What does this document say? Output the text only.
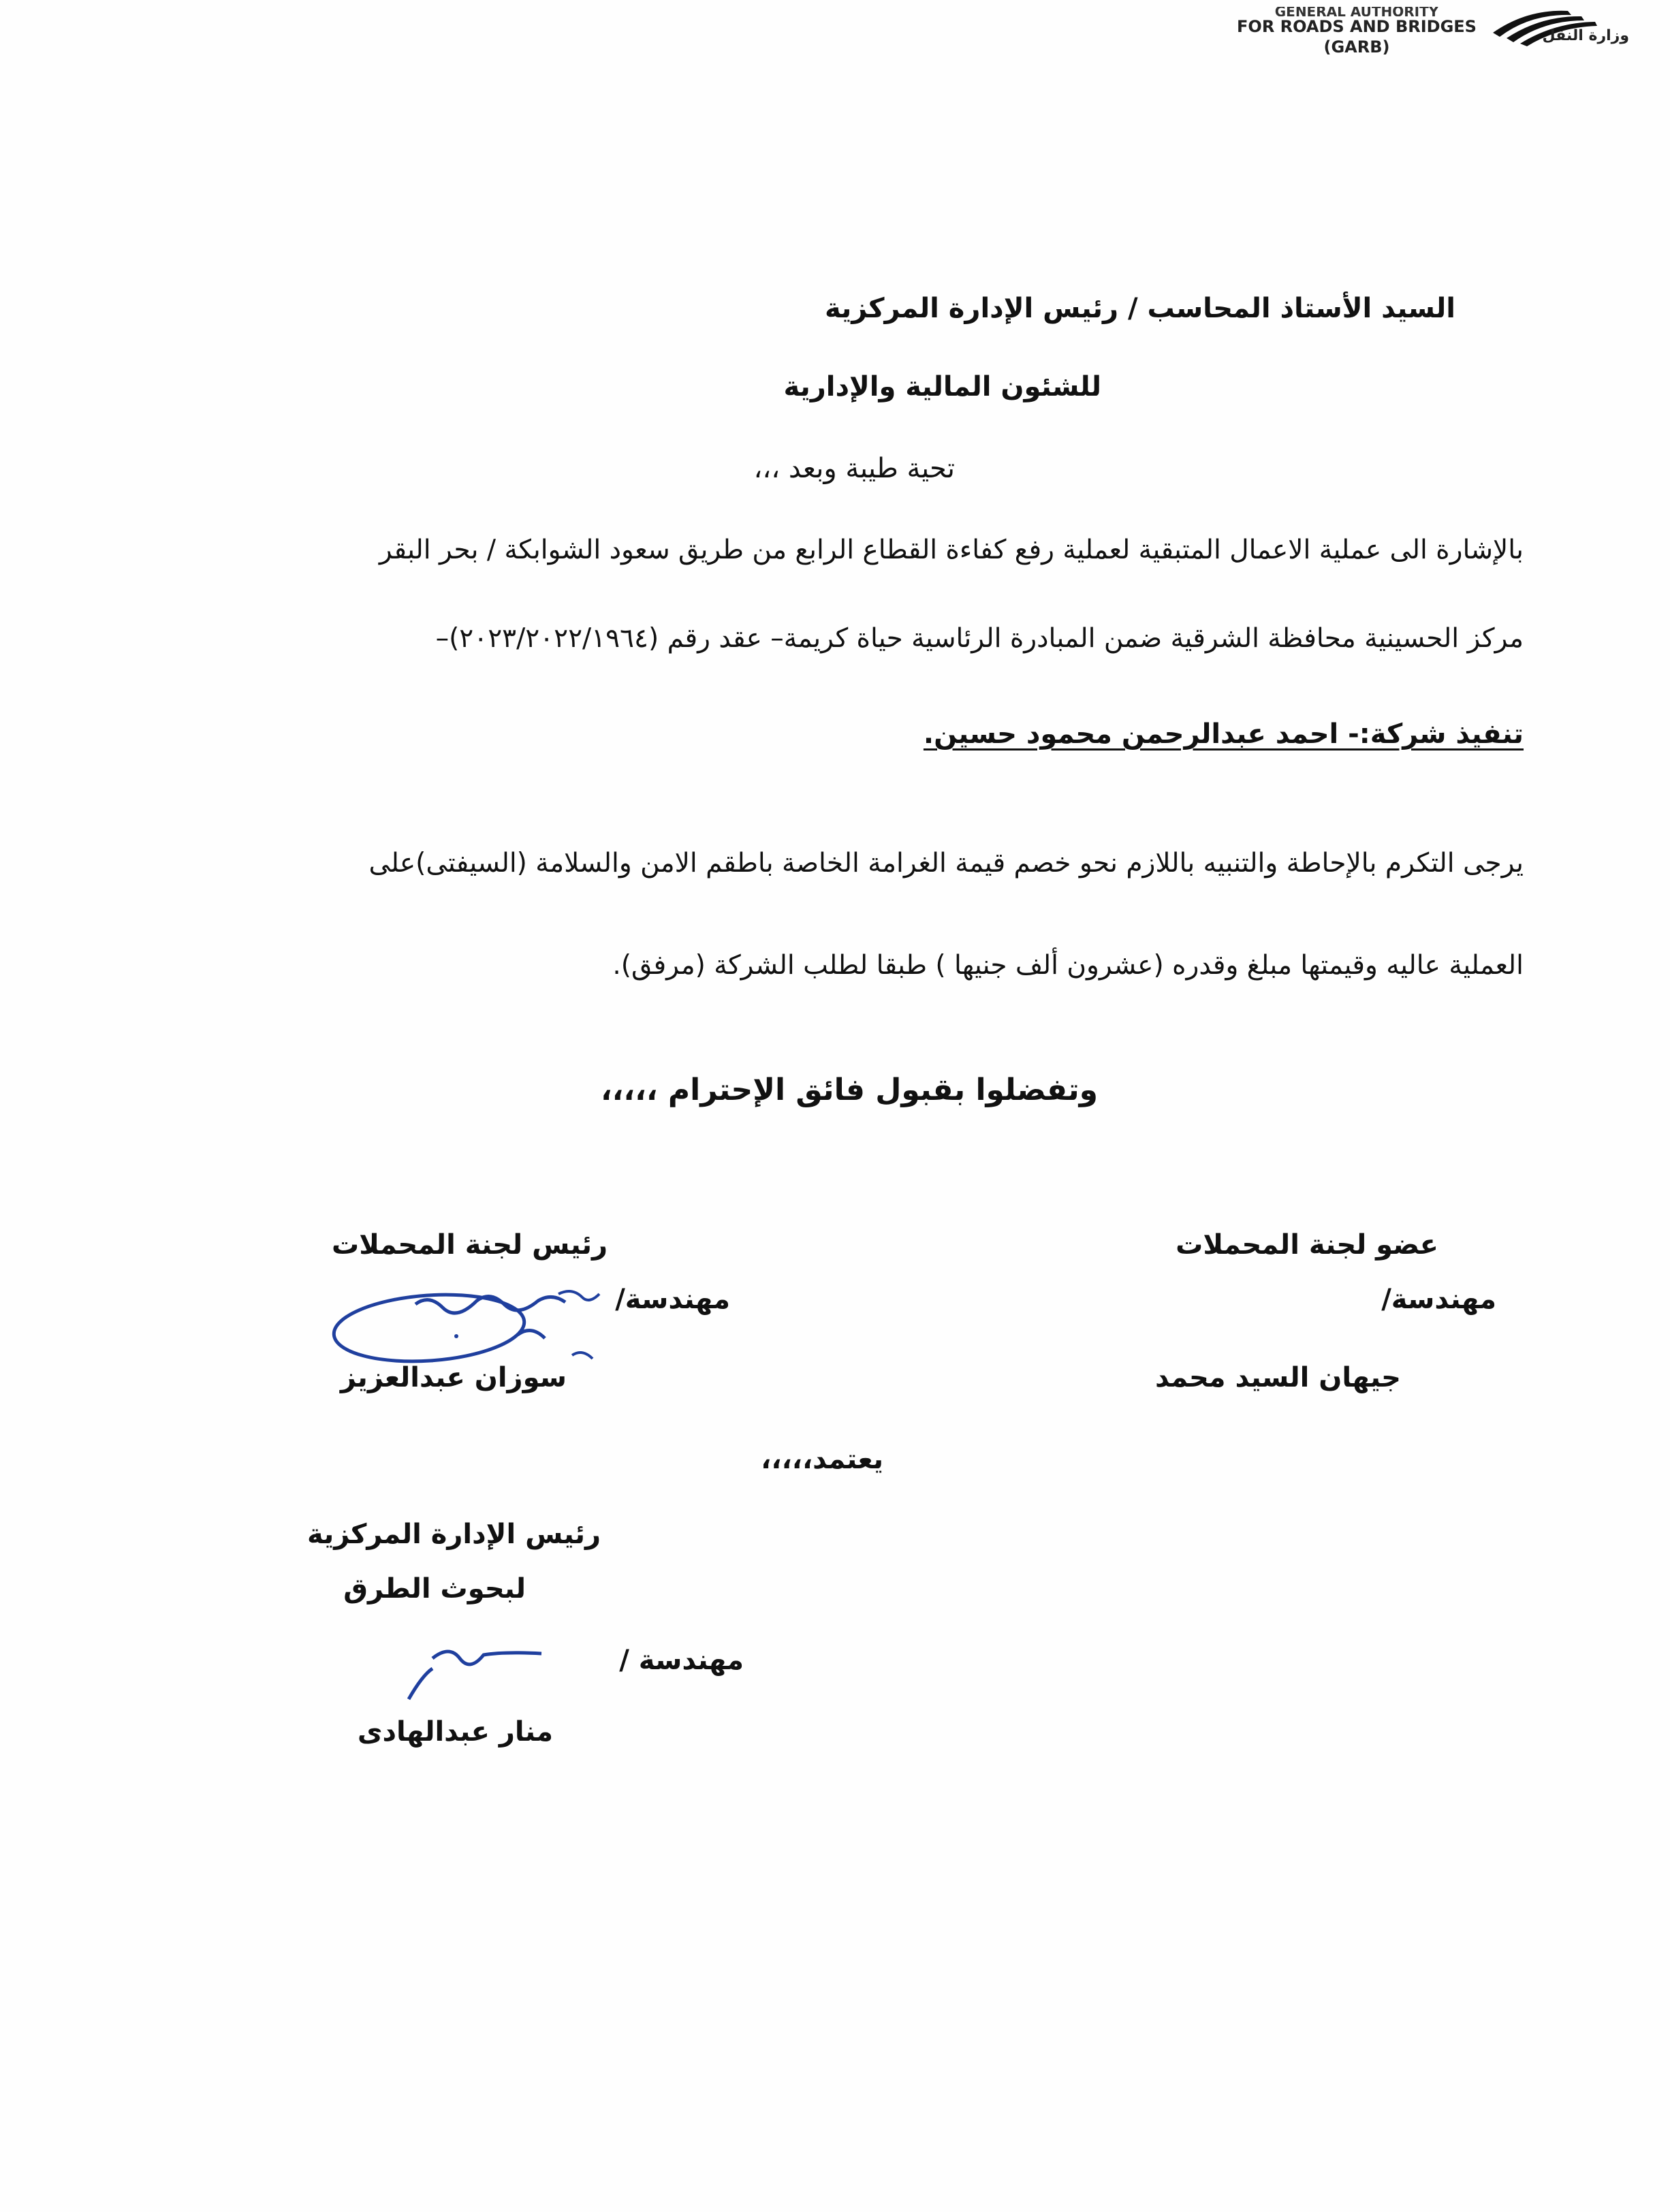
GENERAL AUTHORITY
FOR ROADS AND BRIDGES
(GARB)
وزارة النقل
السيد الأستاذ المحاسب / رئيس الإدارة المركزية
للشئون المالية والإدارية
تحية طيبة وبعد ،،،
بالإشارة الى عملية الاعمال المتبقية لعملية رفع كفاءة القطاع الرابع من طريق سعود الشوابكة / بحر البقر
مركز الحسينية محافظة الشرقية ضمن المبادرة الرئاسية حياة كريمة– عقد رقم (٢٠٢٣/٢٠٢٢/١٩٦٤)–
تنفيذ شركة:- احمد عبدالرحمن محمود حسين.
يرجى التكرم بالإحاطة والتنبيه باللازم نحو خصم قيمة الغرامة الخاصة باطقم الامن والسلامة (السيفتى)على
العملية عاليه وقيمتها مبلغ وقدره (عشرون ألف جنيها ) طبقا لطلب الشركة (مرفق).
وتفضلوا بقبول فائق الإحترام ،،،،،
عضو لجنة المحملات
مهندسة/
جيهان السيد محمد
رئيس لجنة المحملات
مهندسة/
سوزان عبدالعزيز
يعتمد،،،،،
رئيس الإدارة المركزية
لبحوث الطرق
مهندسة /
منار عبدالهادى
